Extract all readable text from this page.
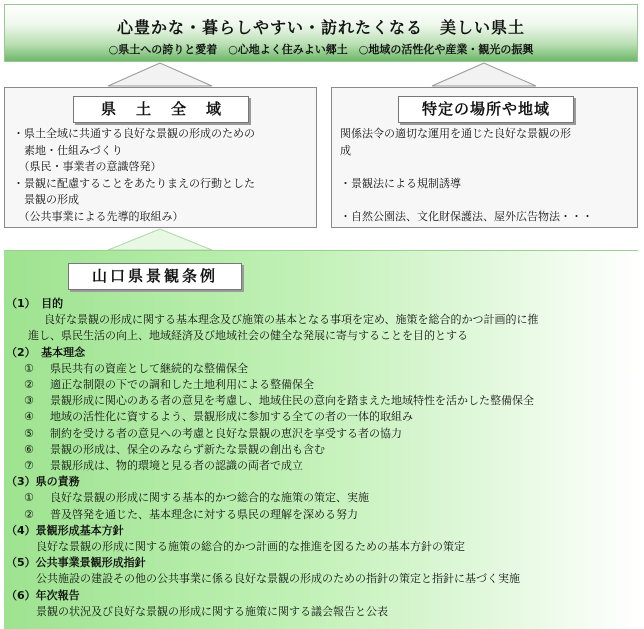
心豊かな・暮らしやすい・訪れたくなる　美しい県土
○県土への誇りと愛着　○心地よく住みよい郷土　○地域の活性化や産業・観光の振興
県土全域
・県土全域に共通する良好な景観の形成のための
　素地・仕組みづくり
　（県民・事業者の意識啓発）
・景観に配慮することをあたりまえの行動とした
　景観の形成
　（公共事業による先導的取組み）
特定の場所や地域
関係法令の適切な運用を通じた良好な景観の形
成
・景観法による規制誘導
・自然公園法、文化財保護法、屋外広告物法・・・
山口県景観条例
（1）　目的
良好な景観の形成に関する基本理念及び施策の基本となる事項を定め、施策を総合的かつ計画的に推
進し、県民生活の向上、地域経済及び地域社会の健全な発展に寄与することを目的とする
（2）　基本理念
① 県民共有の資産として継続的な整備保全
② 適正な制限の下での調和した土地利用による整備保全
③ 景観形成に関心のある者の意見を考慮し、地域住民の意向を踏まえた地域特性を活かした整備保全
④ 地域の活性化に資するよう、景観形成に参加する全ての者の一体的取組み
⑤ 制約を受ける者の意見への考慮と良好な景観の恵沢を享受する者の協力
⑥ 景観の形成は、保全のみならず新たな景観の創出も含む
⑦ 景観形成は、物的環境と見る者の認識の両者で成立
（3）県の責務
① 良好な景観の形成に関する基本的かつ総合的な施策の策定、実施
② 普及啓発を通じた、基本理念に対する県民の理解を深める努力
（4）景観形成基本方針
良好な景観の形成に関する施策の総合的かつ計画的な推進を図るための基本方針の策定
（5）公共事業景観形成指針
公共施設の建設その他の公共事業に係る良好な景観の形成のための指針の策定と指針に基づく実施
（6）年次報告
景観の状況及び良好な景観の形成に関する施策に関する議会報告と公表
